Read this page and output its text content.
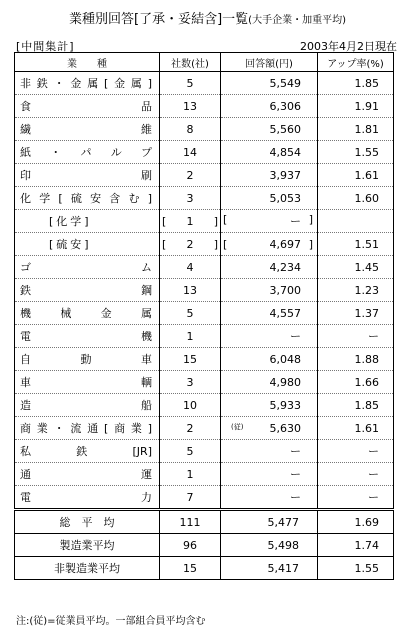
業種別回答[了承・妥結含]一覧(大手企業・加重平均)
[中間集計]	2003年4月2日現在
業　　種	社数(社)	回答額(円)	アップ率(%)
非鉄・金属[金属]	5	5,549	1.85
食品	13	6,306	1.91
繊維	8	5,560	1.81
紙・パルプ	14	4,854	1.55
印刷	2	3,937	1.61
化学[硫安含む]	3	5,053	1.60
[化学]	[ 1 ]	[ ー ]	

[硫安]	[ 2 ]	[ 4,697 ]	1.51
ゴム	4	4,234	1.45
鉄鋼	13	3,700	1.23
機械金属	5	4,557	1.37
電機	1	ー	ー
自動車	15	6,048	1.88
車輌	3	4,980	1.66
造船	10	5,933	1.85
商業・流通[商業]	2	(従) 5,630	1.61
私鉄[JR]	5	ー	ー
通運	1	ー	ー
電力	7	ー	ー
総　平　均	111	5,477	1.69
製造業平均	96	5,498	1.74
非製造業平均	15	5,417	1.55
注:(従)=従業員平均。一部組合員平均含む
